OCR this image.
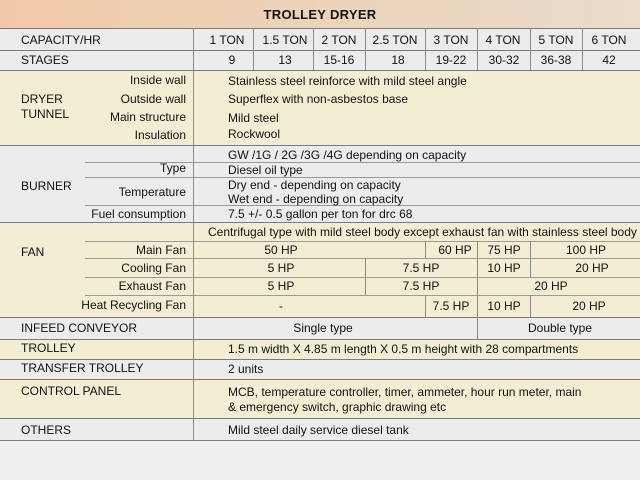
TROLLEY DRYER
CAPACITY/HR	1 TON 1.5 TON 2 TON 2.5 TON 3 TON 4 TON 5 TON 6 TON
STAGES	9	13	15-16	18	19-22 30-32 36-38	42
DRYER
TUNNEL
Inside wall	Stainless steel reinforce with mild steel angle
Outside wall	Superflex with non-asbestos base
Main structure	Mild steel
Insulation	Rockwool
BURNER
GW /1G / 2G /3G /4G depending on capacity
Type	Diesel oil type
Temperature	Dry end - depending on capacity
Wet end - depending on capacity
Fuel consumption	7.5 +/- 0.5 gallon per ton for drc 68
FAN
Centrifugal type with mild steel body except exhaust fan with stainless steel body
Main Fan	50 HP	60 HP 75 HP	100 HP
Cooling Fan	5 HP	7.5 HP	10 HP	20 HP
Exhaust Fan	5 HP	7.5 HP	20 HP
Heat Recycling Fan	-	7.5 HP 10 HP	20 HP
INFEED CONVEYOR	Single type	Double type
TROLLEY	1.5 m width X 4.85 m length X 0.5 m height with 28 compartments
TRANSFER TROLLEY	2 units
CONTROL PANEL	MCB, temperature controller, timer, ammeter, hour run meter, main
& emergency switch, graphic drawing etc
OTHERS	Mild steel daily service diesel tank
